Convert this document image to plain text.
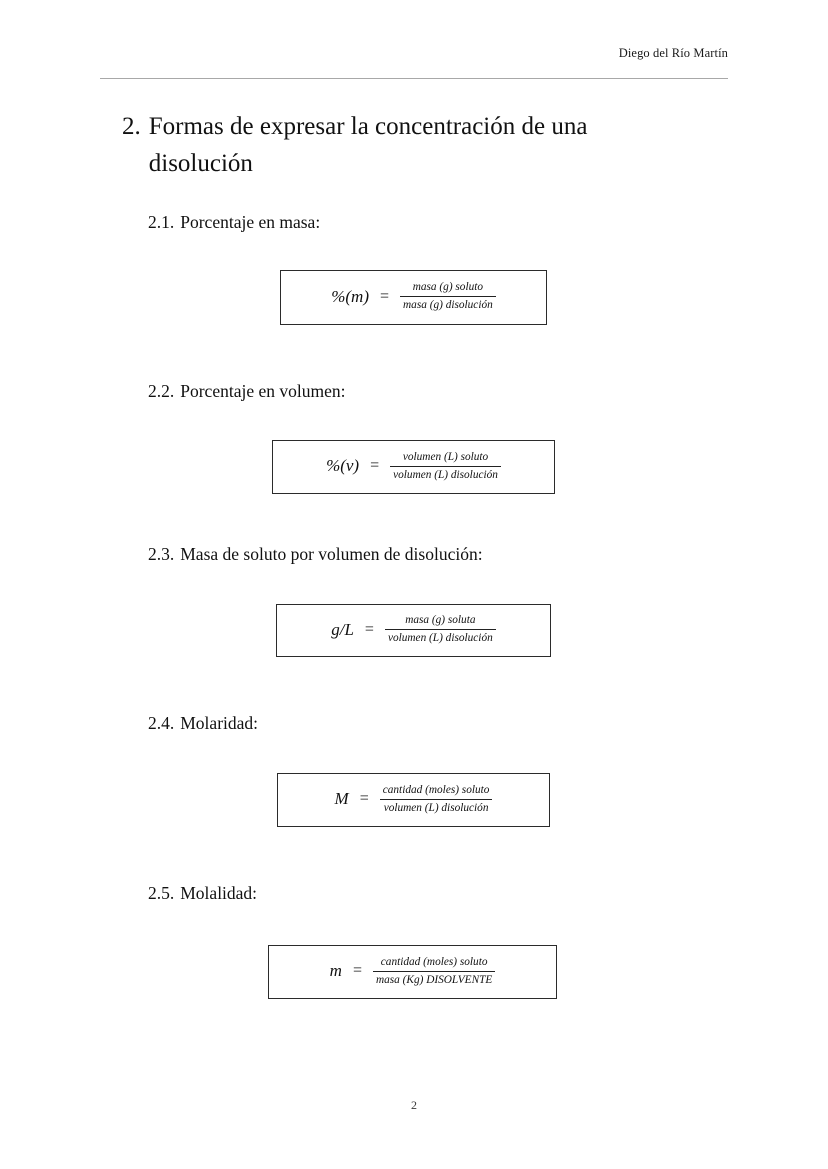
Diego del Río Martín
2. Formas de expresar la concentración de una disolución
2.1. Porcentaje en masa:
$\%(m) = \frac{\text{masa (g) soluto}}{\text{masa (g) disolución}}$
2.2. Porcentaje en volumen:
$\%(v) = \frac{\text{volumen (L) soluto}}{\text{volumen (L) disolución}}$
2.3. Masa de soluto por volumen de disolución:
$g/L = \frac{\text{masa (g) soluta}}{\text{volumen (L) disolución}}$
2.4. Molaridad:
$M = \frac{\text{cantidad (moles) soluto}}{\text{volumen (L) disolución}}$
2.5. Molalidad:
$m = \frac{\text{cantidad (moles) soluto}}{\text{masa (Kg) DISOLVENTE}}$
2
